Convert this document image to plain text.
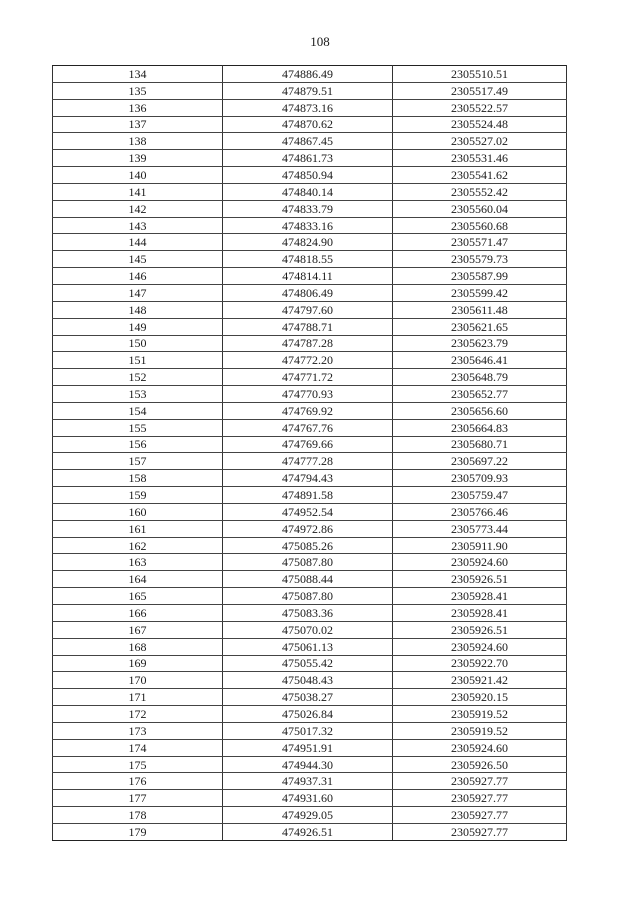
108
134	474886.49	2305510.51
135	474879.51	2305517.49
136	474873.16	2305522.57
137	474870.62	2305524.48
138	474867.45	2305527.02
139	474861.73	2305531.46
140	474850.94	2305541.62
141	474840.14	2305552.42
142	474833.79	2305560.04
143	474833.16	2305560.68
144	474824.90	2305571.47
145	474818.55	2305579.73
146	474814.11	2305587.99
147	474806.49	2305599.42
148	474797.60	2305611.48
149	474788.71	2305621.65
150	474787.28	2305623.79
151	474772.20	2305646.41
152	474771.72	2305648.79
153	474770.93	2305652.77
154	474769.92	2305656.60
155	474767.76	2305664.83
156	474769.66	2305680.71
157	474777.28	2305697.22
158	474794.43	2305709.93
159	474891.58	2305759.47
160	474952.54	2305766.46
161	474972.86	2305773.44
162	475085.26	2305911.90
163	475087.80	2305924.60
164	475088.44	2305926.51
165	475087.80	2305928.41
166	475083.36	2305928.41
167	475070.02	2305926.51
168	475061.13	2305924.60
169	475055.42	2305922.70
170	475048.43	2305921.42
171	475038.27	2305920.15
172	475026.84	2305919.52
173	475017.32	2305919.52
174	474951.91	2305924.60
175	474944.30	2305926.50
176	474937.31	2305927.77
177	474931.60	2305927.77
178	474929.05	2305927.77
179	474926.51	2305927.77
